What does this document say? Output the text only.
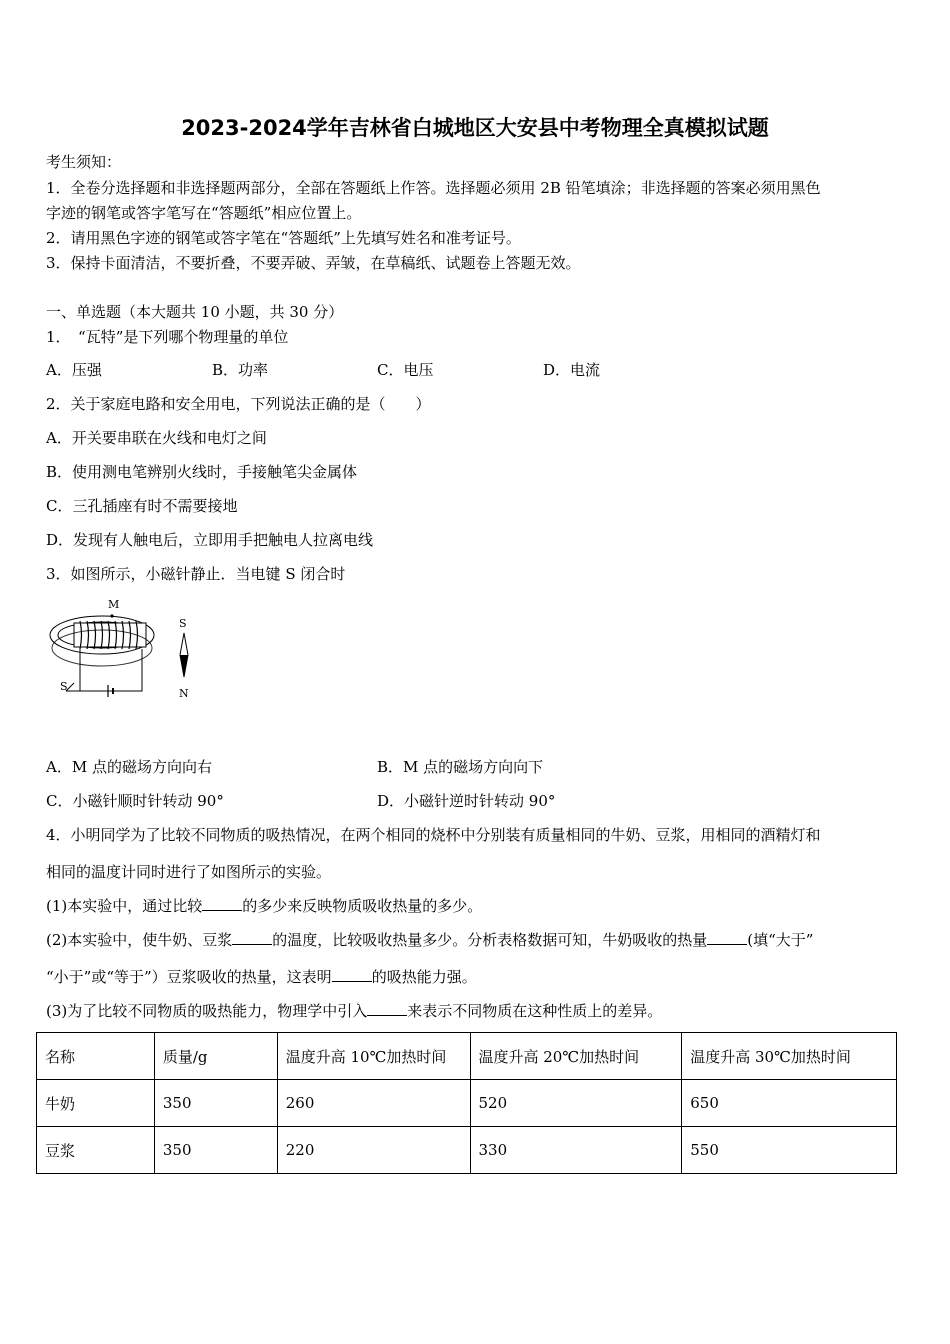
2023-2024学年吉林省白城地区大安县中考物理全真模拟试题
考生须知：
1．全卷分选择题和非选择题两部分，全部在答题纸上作答。选择题必须用 2B 铅笔填涂；非选择题的答案必须用黑色
字迹的钢笔或答字笔写在“答题纸”相应位置上。
2．请用黑色字迹的钢笔或答字笔在“答题纸”上先填写姓名和准考证号。
3．保持卡面清洁，不要折叠，不要弄破、弄皱，在草稿纸、试题卷上答题无效。
一、单选题（本大题共 10 小题，共 30 分）
1．　“瓦特”是下列哪个物理量的单位
A．压强	B．功率	C．电压	D．电流
2．关于家庭电路和安全用电，下列说法正确的是（　　）
A．开关要串联在火线和电灯之间
B．使用测电笔辨别火线时，手接触笔尖金属体
C．三孔插座有时不需要接地
D．发现有人触电后，立即用手把触电人拉离电线
3．如图所示，小磁针静止．当电键 S 闭合时
M
S
S
N
A．M 点的磁场方向向右	B．M 点的磁场方向向下
C．小磁针顺时针转动 90°	D．小磁针逆时针转动 90°
4．小明同学为了比较不同物质的吸热情况，在两个相同的烧杯中分别装有质量相同的牛奶、豆浆，用相同的酒精灯和
相同的温度计同时进行了如图所示的实验。
(1)本实验中，通过比较	的多少来反映物质吸收热量的多少。
(2)本实验中，使牛奶、豆浆	的温度，比较吸收热量多少。分析表格数据可知，牛奶吸收的热量	(填“大于”
“小于”或“等于”）豆浆吸收的热量，这表明	的吸热能力强。
(3)为了比较不同物质的吸热能力，物理学中引入	来表示不同物质在这种性质上的差异。
名称	质量/g	温度升高 10℃加热时间	温度升高 20℃加热时间	温度升高 30℃加热时间
牛奶	350	260	520	650
豆浆	350	220	330	550
